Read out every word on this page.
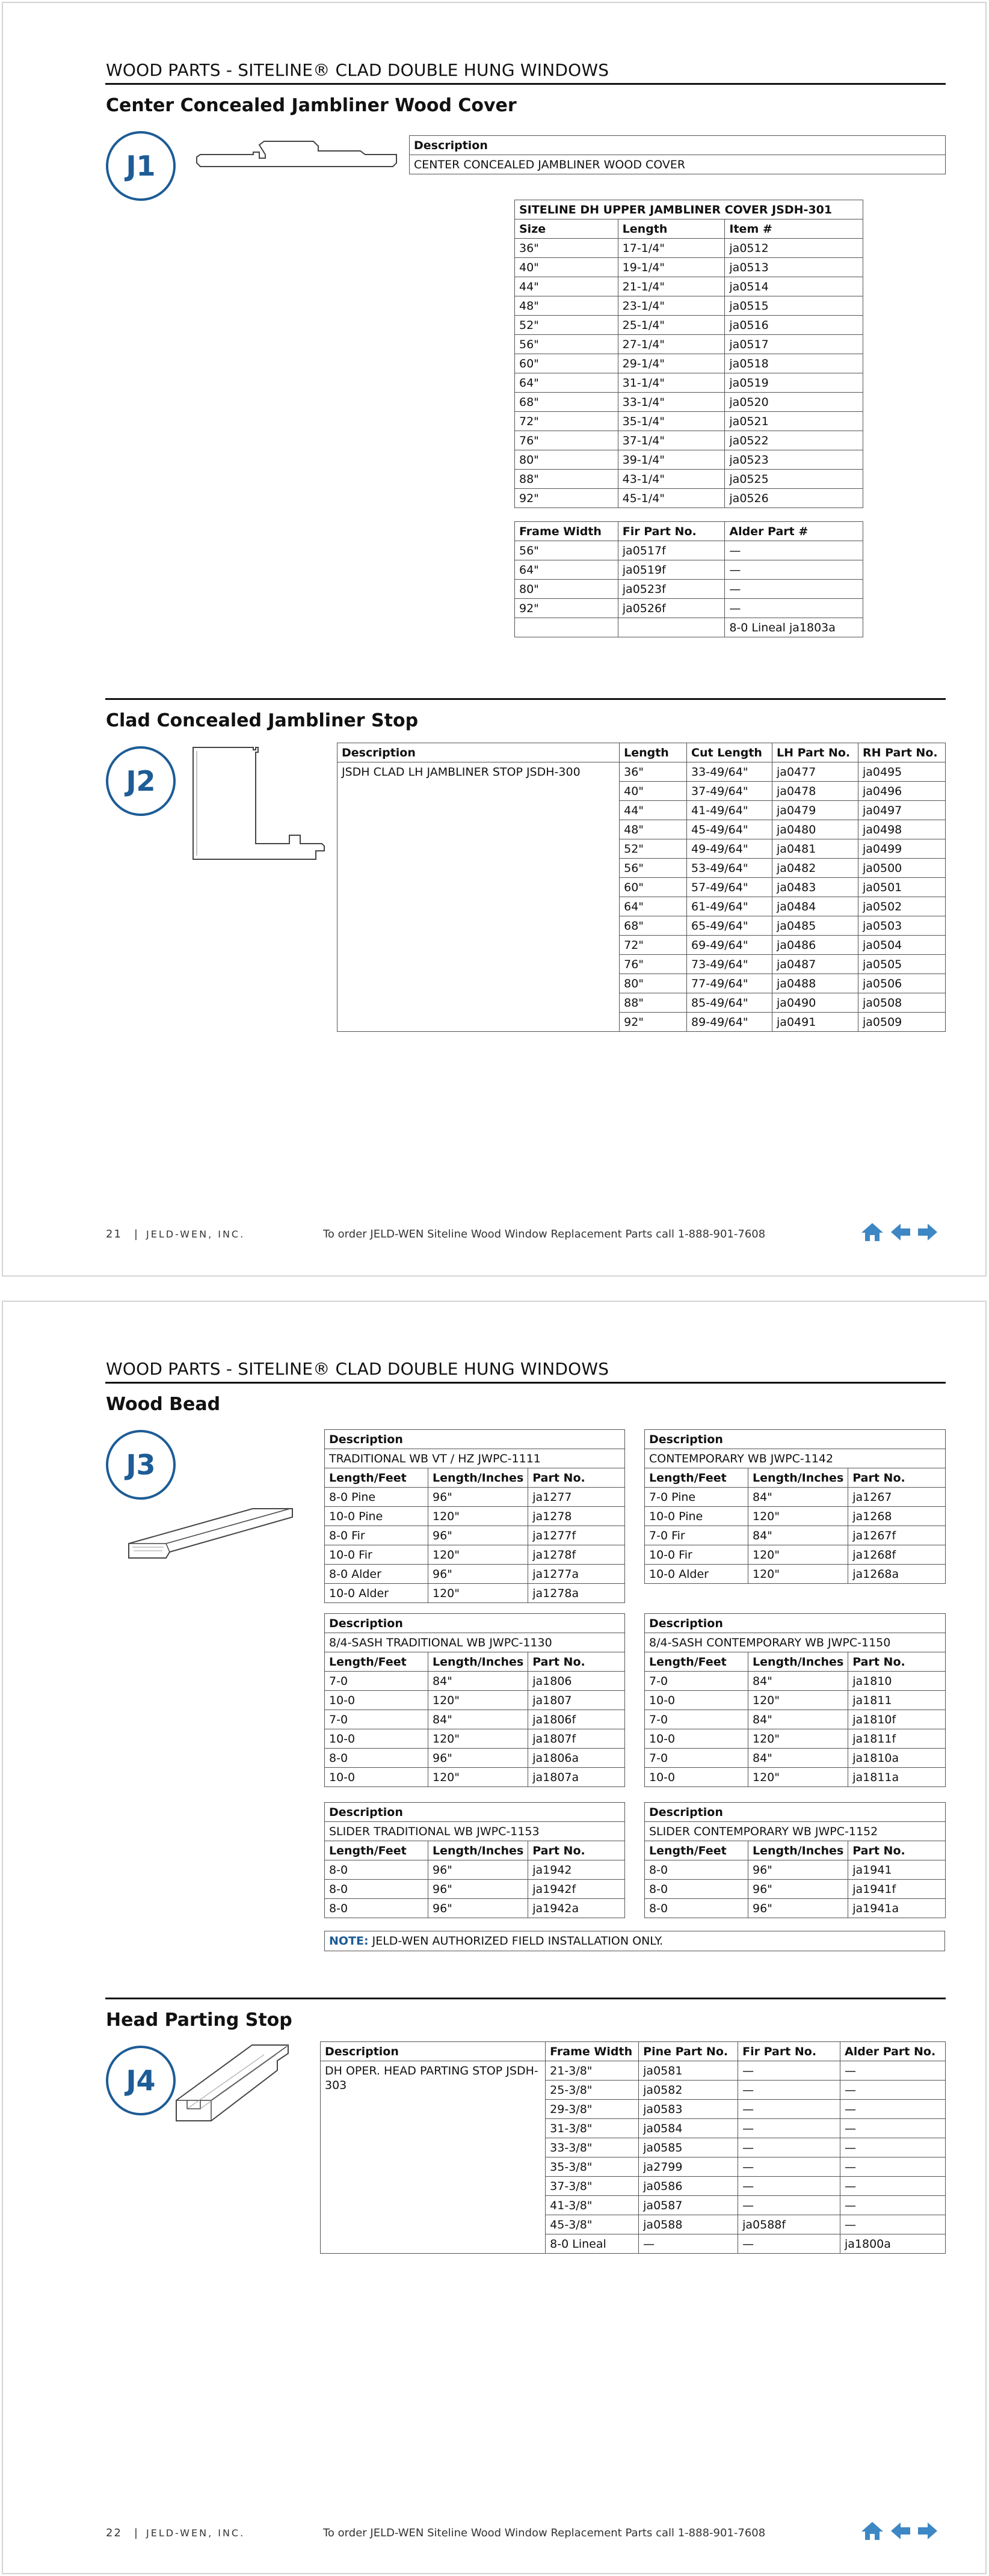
WOOD PARTS - SITELINE® CLAD DOUBLE HUNG WINDOWS
Center Concealed Jambliner Wood Cover
J1
Description
CENTER CONCEALED JAMBLINER WOOD COVER
SITELINE DH UPPER JAMBLINER COVER JSDH-301		
Size	Length	Item #
36"	17-1/4"	ja0512
40"	19-1/4"	ja0513
44"	21-1/4"	ja0514
48"	23-1/4"	ja0515
52"	25-1/4"	ja0516
56"	27-1/4"	ja0517
60"	29-1/4"	ja0518
64"	31-1/4"	ja0519
68"	33-1/4"	ja0520
72"	35-1/4"	ja0521
76"	37-1/4"	ja0522
80"	39-1/4"	ja0523
88"	43-1/4"	ja0525
92"	45-1/4"	ja0526
Frame Width	Fir Part No.	Alder Part #
56"	ja0517f	—
64"	ja0519f	—
80"	ja0523f	—
92"	ja0526f	—
		8-0 Lineal ja1803a
Clad Concealed Jambliner Stop
J2
Description	Length	Cut Length	LH Part No.	RH Part No.
JSDH CLAD LH JAMBLINER STOP JSDH-300	36"	33-49/64"	ja0477	ja0495
	40"	37-49/64"	ja0478	ja0496
	44"	41-49/64"	ja0479	ja0497
	48"	45-49/64"	ja0480	ja0498
	52"	49-49/64"	ja0481	ja0499
	56"	53-49/64"	ja0482	ja0500
	60"	57-49/64"	ja0483	ja0501
	64"	61-49/64"	ja0484	ja0502
	68"	65-49/64"	ja0485	ja0503
	72"	69-49/64"	ja0486	ja0504
	76"	73-49/64"	ja0487	ja0505
	80"	77-49/64"	ja0488	ja0506
	88"	85-49/64"	ja0490	ja0508
	92"	89-49/64"	ja0491	ja0509
21 | JELD-WEN, INC.	To order JELD-WEN Siteline Wood Window Replacement Parts call 1-888-901-7608
WOOD PARTS - SITELINE® CLAD DOUBLE HUNG WINDOWS
Wood Bead
J3
Description		
TRADITIONAL WB VT / HZ JWPC-1111		
Length/Feet	Length/Inches	Part No.
8-0 Pine	96"	ja1277
10-0 Pine	120"	ja1278
8-0 Fir	96"	ja1277f
10-0 Fir	120"	ja1278f
8-0 Alder	96"	ja1277a
10-0 Alder	120"	ja1278a
Description		
CONTEMPORARY WB JWPC-1142		
Length/Feet	Length/Inches	Part No.
7-0 Pine	84"	ja1267
10-0 Pine	120"	ja1268
7-0 Fir	84"	ja1267f
10-0 Fir	120"	ja1268f
10-0 Alder	120"	ja1268a
Description		
8/4-SASH TRADITIONAL WB JWPC-1130		
Length/Feet	Length/Inches	Part No.
7-0	84"	ja1806
10-0	120"	ja1807
7-0	84"	ja1806f
10-0	120"	ja1807f
8-0	96"	ja1806a
10-0	120"	ja1807a
Description		
8/4-SASH CONTEMPORARY WB JWPC-1150		
Length/Feet	Length/Inches	Part No.
7-0	84"	ja1810
10-0	120"	ja1811
7-0	84"	ja1810f
10-0	120"	ja1811f
7-0	84"	ja1810a
10-0	120"	ja1811a
Description		
SLIDER TRADITIONAL WB JWPC-1153		
Length/Feet	Length/Inches	Part No.
8-0	96"	ja1942
8-0	96"	ja1942f
8-0	96"	ja1942a
Description		
SLIDER CONTEMPORARY WB JWPC-1152		
Length/Feet	Length/Inches	Part No.
8-0	96"	ja1941
8-0	96"	ja1941f
8-0	96"	ja1941a
NOTE: JELD-WEN AUTHORIZED FIELD INSTALLATION ONLY.
Head Parting Stop
J4
Description	Frame Width	Pine Part No.	Fir Part No.	Alder Part No.
DH OPER. HEAD PARTING STOP JSDH-303	21-3/8"	ja0581	—	—
	25-3/8"	ja0582	—	—
	29-3/8"	ja0583	—	—
	31-3/8"	ja0584	—	—
	33-3/8"	ja0585	—	—
	35-3/8"	ja2799	—	—
	37-3/8"	ja0586	—	—
	41-3/8"	ja0587	—	—
	45-3/8"	ja0588	ja0588f	—
	8-0 Lineal	—	—	ja1800a
22 | JELD-WEN, INC.	To order JELD-WEN Siteline Wood Window Replacement Parts call 1-888-901-7608
